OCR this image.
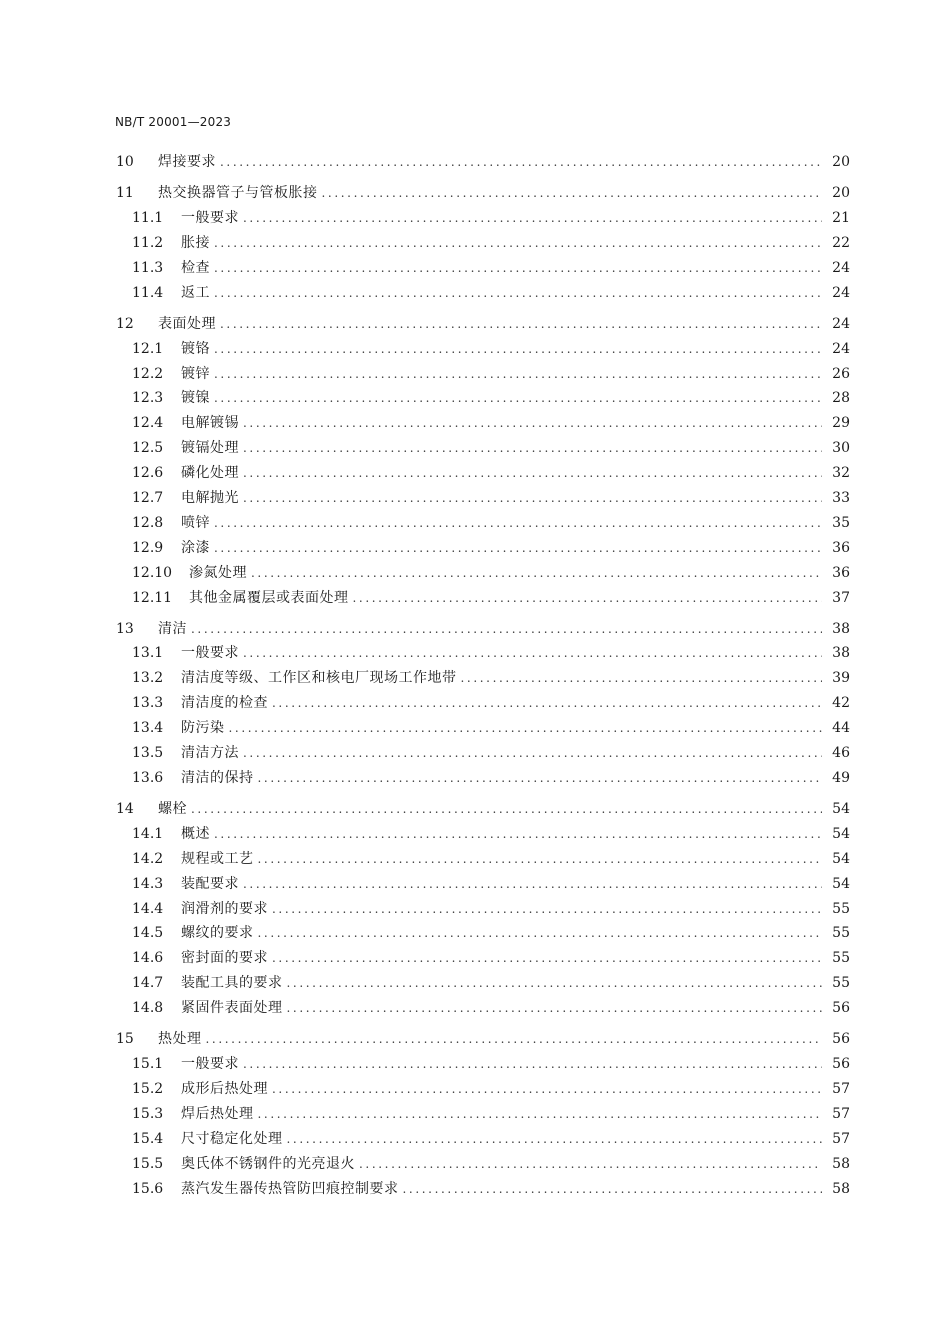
NB/T 20001—2023
10	焊接要求 .....	20
11	热交换器管子与管板胀接 .....	20
11.1	一般要求 .....	21
11.2	胀接 .....	22
11.3	检查 .....	24
11.4	返工 .....	24
12	表面处理 .....	24
12.1	镀铬 .....	24
12.2	镀锌 .....	26
12.3	镀镍 .....	28
12.4	电解镀锡 .....	29
12.5	镀镉处理 .....	30
12.6	磷化处理 .....	32
12.7	电解抛光 .....	33
12.8	喷锌 .....	35
12.9	涂漆 .....	36
12.10	渗氮处理 .....	36
12.11	其他金属覆层或表面处理 .....	37
13	清洁 .....	38
13.1	一般要求 .....	38
13.2	清洁度等级、工作区和核电厂现场工作地带 .....	39
13.3	清洁度的检查 .....	42
13.4	防污染 .....	44
13.5	清洁方法 .....	46
13.6	清洁的保持 .....	49
14	螺栓 .....	54
14.1	概述 .....	54
14.2	规程或工艺 .....	54
14.3	装配要求 .....	54
14.4	润滑剂的要求 .....	55
14.5	螺纹的要求 .....	55
14.6	密封面的要求 .....	55
14.7	装配工具的要求 .....	55
14.8	紧固件表面处理 .....	56
15	热处理 .....	56
15.1	一般要求 .....	56
15.2	成形后热处理 .....	57
15.3	焊后热处理 .....	57
15.4	尺寸稳定化处理 .....	57
15.5	奥氏体不锈钢件的光亮退火 .....	58
15.6	蒸汽发生器传热管防凹痕控制要求 .....	58
